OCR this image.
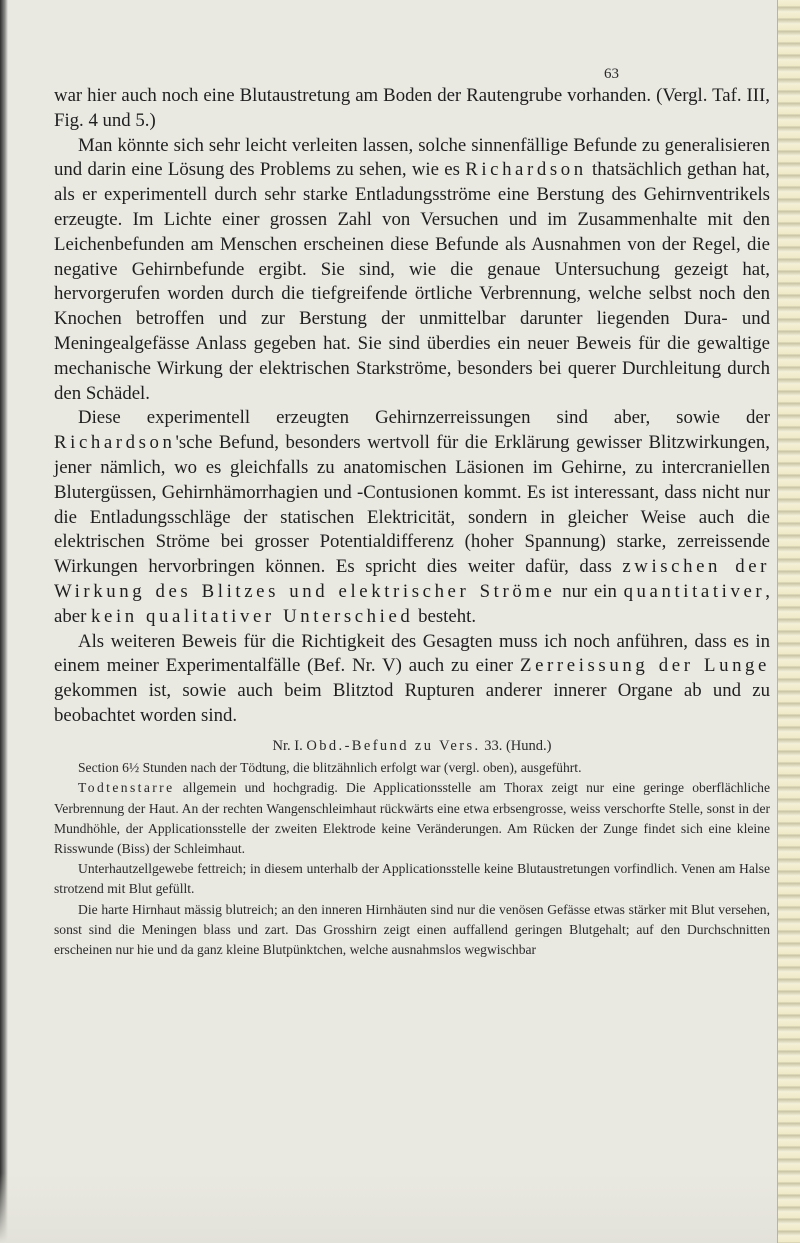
63

war hier auch noch eine Blutaustretung am Boden der Rautengrube vorhanden. (Vergl. Taf. III, Fig. 4 und 5.)

Man könnte sich sehr leicht verleiten lassen, solche sinnenfällige Befunde zu generalisieren und darin eine Lösung des Problems zu sehen, wie es Richardson thatsächlich gethan hat, als er experimentell durch sehr starke Entladungsströme eine Berstung des Gehirnventrikels erzeugte. Im Lichte einer grossen Zahl von Versuchen und im Zusammenhalte mit den Leichenbefunden am Menschen erscheinen diese Befunde als Ausnahmen von der Regel, die negative Gehirnbefunde ergibt. Sie sind, wie die genaue Untersuchung gezeigt hat, hervorgerufen worden durch die tiefgreifende örtliche Verbrennung, welche selbst noch den Knochen betroffen und zur Berstung der unmittelbar darunter liegenden Dura- und Meningealgefässe Anlass gegeben hat. Sie sind überdies ein neuer Beweis für die gewaltige mechanische Wirkung der elektrischen Starkströme, besonders bei querer Durchleitung durch den Schädel.

Diese experimentell erzeugten Gehirnzerreissungen sind aber, sowie der Richardson'sche Befund, besonders wertvoll für die Erklärung gewisser Blitzwirkungen, jener nämlich, wo es gleichfalls zu anatomischen Läsionen im Gehirne, zu intercraniellen Blutergüssen, Gehirnhämorrhagien und -Contusionen kommt. Es ist interessant, dass nicht nur die Entladungsschläge der statischen Elektricität, sondern in gleicher Weise auch die elektrischen Ströme bei grosser Potentialdifferenz (hoher Spannung) starke, zerreissende Wirkungen hervorbringen können. Es spricht dies weiter dafür, dass zwischen der Wirkung des Blitzes und elektrischer Ströme nur ein quantitativer, aber kein qualitativer Unterschied besteht.

Als weiteren Beweis für die Richtigkeit des Gesagten muss ich noch anführen, dass es in einem meiner Experimentalfälle (Bef. Nr. V) auch zu einer Zerreissung der Lunge gekommen ist, sowie auch beim Blitztod Rupturen anderer innerer Organe ab und zu beobachtet worden sind.

Nr. I. Obd.-Befund zu Vers. 33. (Hund.)

Section 6½ Stunden nach der Tödtung, die blitzähnlich erfolgt war (vergl. oben), ausgeführt.

Todtenstarre allgemein und hochgradig. Die Applicationsstelle am Thorax zeigt nur eine geringe oberflächliche Verbrennung der Haut. An der rechten Wangenschleimhaut rückwärts eine etwa erbsengrosse, weiss verschorfte Stelle, sonst in der Mundhöhle, der Applicationsstelle der zweiten Elektrode keine Veränderungen. Am Rücken der Zunge findet sich eine kleine Risswunde (Biss) der Schleimhaut.

Unterhautzellgewebe fettreich; in diesem unterhalb der Applicationsstelle keine Blutaustretungen vorfindlich. Venen am Halse strotzend mit Blut gefüllt.

Die harte Hirnhaut mässig blutreich; an den inneren Hirnhäuten sind nur die venösen Gefässe etwas stärker mit Blut versehen, sonst sind die Meningen blass und zart. Das Grosshirn zeigt einen auffallend geringen Blutgehalt; auf den Durchschnitten erscheinen nur hie und da ganz kleine Blutpünktchen, welche ausnahmslos wegwischbar
